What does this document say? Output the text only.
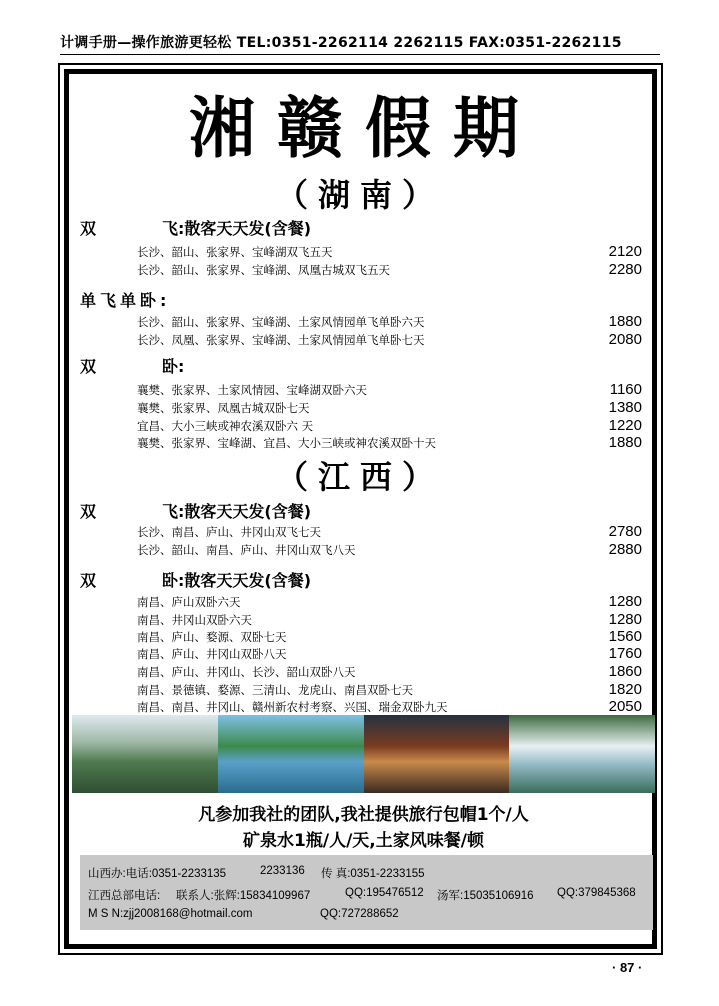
计调手册—操作旅游更轻松 TEL:0351-2262114 2262115 FAX:0351-2262115
湘赣假期
（湖南）
双	飞:散客天天发(含餐)
长沙、韶山、张家界、宝峰湖双飞五天	2120
长沙、韶山、张家界、宝峰湖、凤凰古城双飞五天	2280
单飞单卧:
长沙、韶山、张家界、宝峰湖、土家风情园单飞单卧六天	1880
长沙、凤凰、张家界、宝峰湖、土家风情园单飞单卧七天	2080
双	卧:
襄樊、张家界、土家风情园、宝峰湖双卧六天	1160
襄樊、张家界、凤凰古城双卧七天	1380
宜昌、大小三峡或神农溪双卧六 天	1220
襄樊、张家界、宝峰湖、宜昌、大小三峡或神农溪双卧十天	1880
（江西）
双	飞:散客天天发(含餐)
长沙、南昌、庐山、井冈山双飞七天	2780
长沙、韶山、南昌、庐山、井冈山双飞八天	2880
双	卧:散客天天发(含餐)
南昌、庐山双卧六天	1280
南昌、井冈山双卧六天	1280
南昌、庐山、婺源、双卧七天	1560
南昌、庐山、井冈山双卧八天	1760
南昌、庐山、井冈山、长沙、韶山双卧八天	1860
南昌、景德镇、婺源、三清山、龙虎山、南昌双卧七天	1820
南昌、南昌、井冈山、赣州新农村考察、兴国、瑞金双卧九天	2050
凡参加我社的团队,我社提供旅行包帽1个/人
矿泉水1瓶/人/天,土家风味餐/顿
山西办:电话:0351-2233135	2233136 传 真:0351-2233155
江西总部电话: 联系人:张辉:15834109967	QQ:195476512 汤军:15035106916 QQ:379845368
M S N:zjj2008168@hotmail.com	QQ:727288652
· 87 ·
